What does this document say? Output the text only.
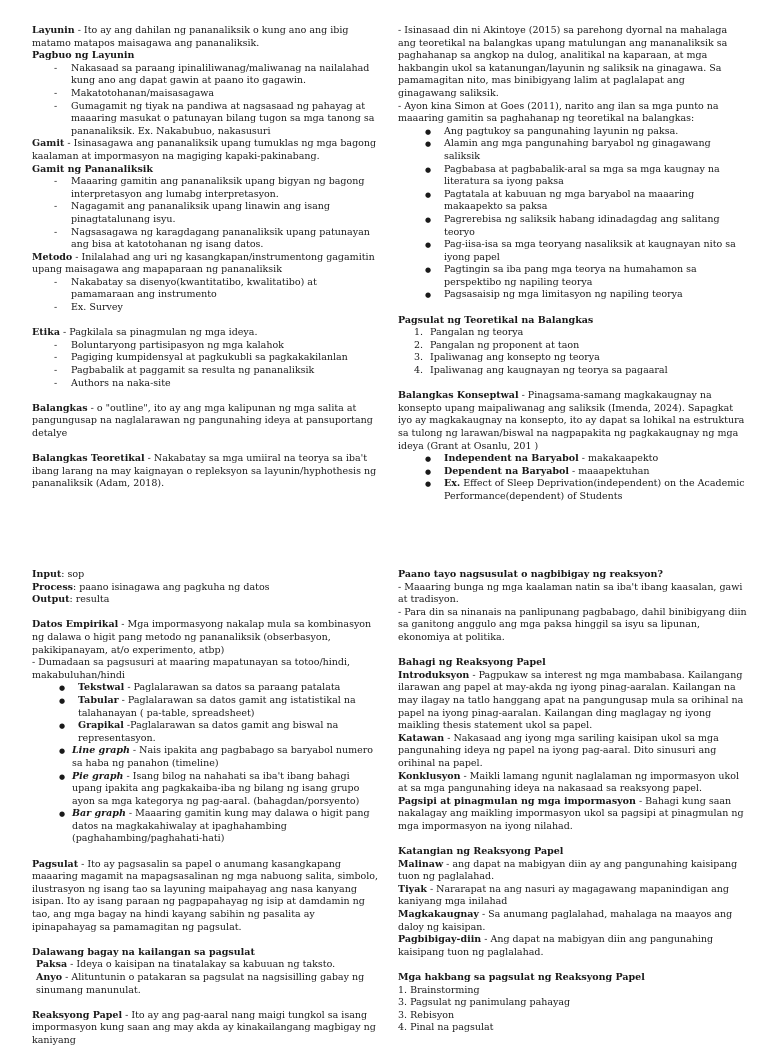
Layunin - Ito ay ang dahilan ng pananaliksik o kung ano ang ibig matamo matapos maisagawa ang pananaliksik.

Pagbuo ng Layunin

- Nakasaad sa paraang ipinaliliwanag/maliwanag na nailalahad kung ano ang dapat gawin at paano ito gagawin.

- Makatotohanan/maisasagawa

- Gumagamit ng tiyak na pandiwa at nagsasaad ng pahayag at maaaring masukat o patunayan bilang tugon sa mga tanong sa pananaliksik. Ex. Nakabubuo, nakasusuri

Gamit - Isinasagawa ang pananaliksik upang tumuklas ng mga bagong kaalaman at impormasyon na magiging kapaki-pakinabang.

Gamit ng Pananaliksik

- Maaaring gamitin ang pananaliksik upang bigyan ng bagong interpretasyon ang lumabg interpretasyon.

- Nagagamit ang pananaliksik upang linawin ang isang pinagtatalunang isyu.

- Nagsasagawa ng karagdagang pananaliksik upang patunayan ang bisa at katotohanan ng isang datos.

Metodo - Inilalahad ang uri ng kasangkapan/instrumentong gagamitin upang maisagawa ang mapaparaan ng pananaliksik

- Nakabatay sa disenyo(kwantitatibo, kwalitatibo) at pamamaraan ang instrumento

- Ex. Survey

Etika - Pagkilala sa pinagmulan ng mga ideya.

- Boluntaryong partisipasyon ng mga kalahok

- Pagiging kumpidensyal at pagkukubli sa pagkakakilanlan

- Pagbabalik at paggamit sa resulta ng pananaliksik

- Authors na naka-site

Balangkas - o "outline", ito ay ang mga kalipunan ng mga salita at pangungusap na naglalarawan ng pangunahing ideya at pansuportang detalye

Balangkas Teoretikal - Nakabatay sa mga umiiral na teorya sa iba't ibang larang na may kaignayan o repleksyon sa layunin/hyphothesis ng pananaliksik (Adam, 2018).

- Isinasaad din ni Akintoye (2015) sa parehong dyornal na mahalaga ang teoretikal na balangkas upang matulungan ang mananaliksik sa paghahanap sa angkop na dulog, analitikal na kaparaan, at mga hakbangin ukol sa katanungan/layunin ng saliksik na ginagawa. Sa pamamagitan nito, mas binibigyang lalim at paglalapat ang ginagawang saliksik.

- Ayon kina Simon at Goes (2011), narito ang ilan sa mga punto na maaaring gamitin sa paghahanap ng teoretikal na balangkas:

● Ang pagtukoy sa pangunahing layunin ng paksa.

● Alamin ang mga pangunahing baryabol ng ginagawang saliksik

● Pagbabasa at pagbabalik-aral sa mga sa mga kaugnay na literatura sa iyong paksa

● Pagtatala at kabuuan ng mga baryabol na maaaring makaapekto sa paksa

● Pagrerebisa ng saliksik habang idinadagdag ang salitang teoryo

● Pag-iisa-isa sa mga teoryang nasaliksik at kaugnayan nito sa iyong papel

● Pagtingin sa iba pang mga teorya na humahamon sa perspektibo ng napiling teorya

● Pagsasaisip ng mga limitasyon ng napiling teorya

Pagsulat ng Teoretikal na Balangkas

1. Pangalan ng teorya

2. Pangalan ng proponent at taon

3. Ipaliwanag ang konsepto ng teorya

4. Ipaliwanag ang kaugnayan ng teorya sa pagaaral

Balangkas Konseptwal - Pinagsama-samang magkakaugnay na konsepto upang maipaliwanag ang saliksik (Imenda, 2024). Sapagkat iyo ay magkakaugnay na konsepto, ito ay dapat sa lohikal na estruktura sa tulong ng larawan/biswal na nagpapakita ng pagkakaugnay ng mga ideya (Grant at Osanlu, 201 )

● Independent na Baryabol - makakaapekto

● Dependent na Baryabol - maaapektuhan

● Ex. Effect of Sleep Deprivation(independent) on the Academic Performance(dependent) of Students

Input: sop

Process: paano isinagawa ang pagkuha ng datos

Output: resulta

Datos Empirikal - Mga impormasyong nakalap mula sa kombinasyon ng dalawa o higit pang metodo ng pananaliksik (obserbasyon, pakikipanayam, at/o experimento, atbp)

- Dumadaan sa pagsusuri at maaring mapatunayan sa totoo/hindi, makabuluhan/hindi

● Tekstwal - Paglalarawan sa datos sa paraang patalata

● Tabular - Paglalarawan sa datos gamit ang istatistikal na talahanayan ( pa-table, spreadsheet)

● Grapikal -Paglalarawan sa datos gamit ang biswal na representasyon.

● Line graph - Nais ipakita ang pagbabago sa baryabol numero sa haba ng panahon (timeline)

● Pie graph - Isang bilog na nahahati sa iba't ibang bahagi upang ipakita ang pagkakaiba-iba ng bilang ng isang grupo ayon sa mga kategorya ng pag-aaral. (bahagdan/porsyento)

● Bar graph - Maaaring gamitin kung may dalawa o higit pang datos na magkakahiwalay at ipaghahambing (paghahambing/paghahati-hati)

Pagsulat - Ito ay pagsasalin sa papel o anumang kasangkapang maaaring magamit na mapagsasalinan ng mga nabuong salita, simbolo, ilustrasyon ng isang tao sa layuning maipahayag ang nasa kanyang isipan. Ito ay isang paraan ng pagpapahayag ng isip at damdamin ng tao, ang mga bagay na hindi kayang sabihin ng pasalita ay ipinapahayag sa pamamagitan ng pagsulat.

Dalawang bagay na kailangan sa pagsulat

Paksa - Ideya o kaisipan na tinatalakay sa kabuuan ng taksto.

Anyo - Alituntunin o patakaran sa pagsulat na nagsisilling gabay ng sinumang manunulat.

Reaksyong Papel - Ito ay ang pag-aaral nang maigi tungkol sa isang impormasyon kung saan ang may akda ay kinakailangang magbigay ng kaniyang

Paano tayo nagsusulat o nagbibigay ng reaksyon?

- Maaaring bunga ng mga kaalaman natin sa iba't ibang kaasalan, gawi at tradisyon.

- Para din sa ninanais na panlipunang pagbabago, dahil binibigyang diin sa ganitong anggulo ang mga paksa hinggil sa isyu sa lipunan, ekonomiya at politika.

Bahagi ng Reaksyong Papel

Introduksyon - Pagpukaw sa interest ng mga mambabasa. Kailangang ilarawan ang papel at may-akda ng iyong pinag-aaralan. Kailangan na may ilagay na tatlo hanggang apat na pangungusap mula sa orihinal na papel na iyong pinag-aaralan. Kailangan ding maglagay ng iyong maikling thesis statement ukol sa papel.

Katawan - Nakasaad ang iyong mga sariling kaisipan ukol sa mga pangunahing ideya ng papel na iyong pag-aaral. Dito sinusuri ang orihinal na papel.

Konklusyon - Maikli lamang ngunit naglalaman ng impormasyon ukol at sa mga pangunahing ideya na nakasaad sa reaksyong papel.

Pagsipi at pinagmulan ng mga impormasyon - Bahagi kung saan nakalagay ang maikling impormasyon ukol sa pagsipi at pinagmulan ng mga impormasyon na iyong nilahad.

Katangian ng Reaksyong Papel

Malinaw - ang dapat na mabigyan diin ay ang pangunahing kaisipang tuon ng paglalahad.

Tiyak - Nararapat na ang nasuri ay magagawang mapanindigan ang kaniyang mga inilahad

Magkakaugnay - Sa anumang paglalahad, mahalaga na maayos ang daloy ng kaisipan.

Pagbibigay-diin - Ang dapat na mabigyan diin ang pangunahing kaisipang tuon ng paglalahad.

Mga hakbang sa pagsulat ng Reaksyong Papel

1. Brainstorming

3. Pagsulat ng panimulang pahayag

3. Rebisyon

4. Pinal na pagsulat
